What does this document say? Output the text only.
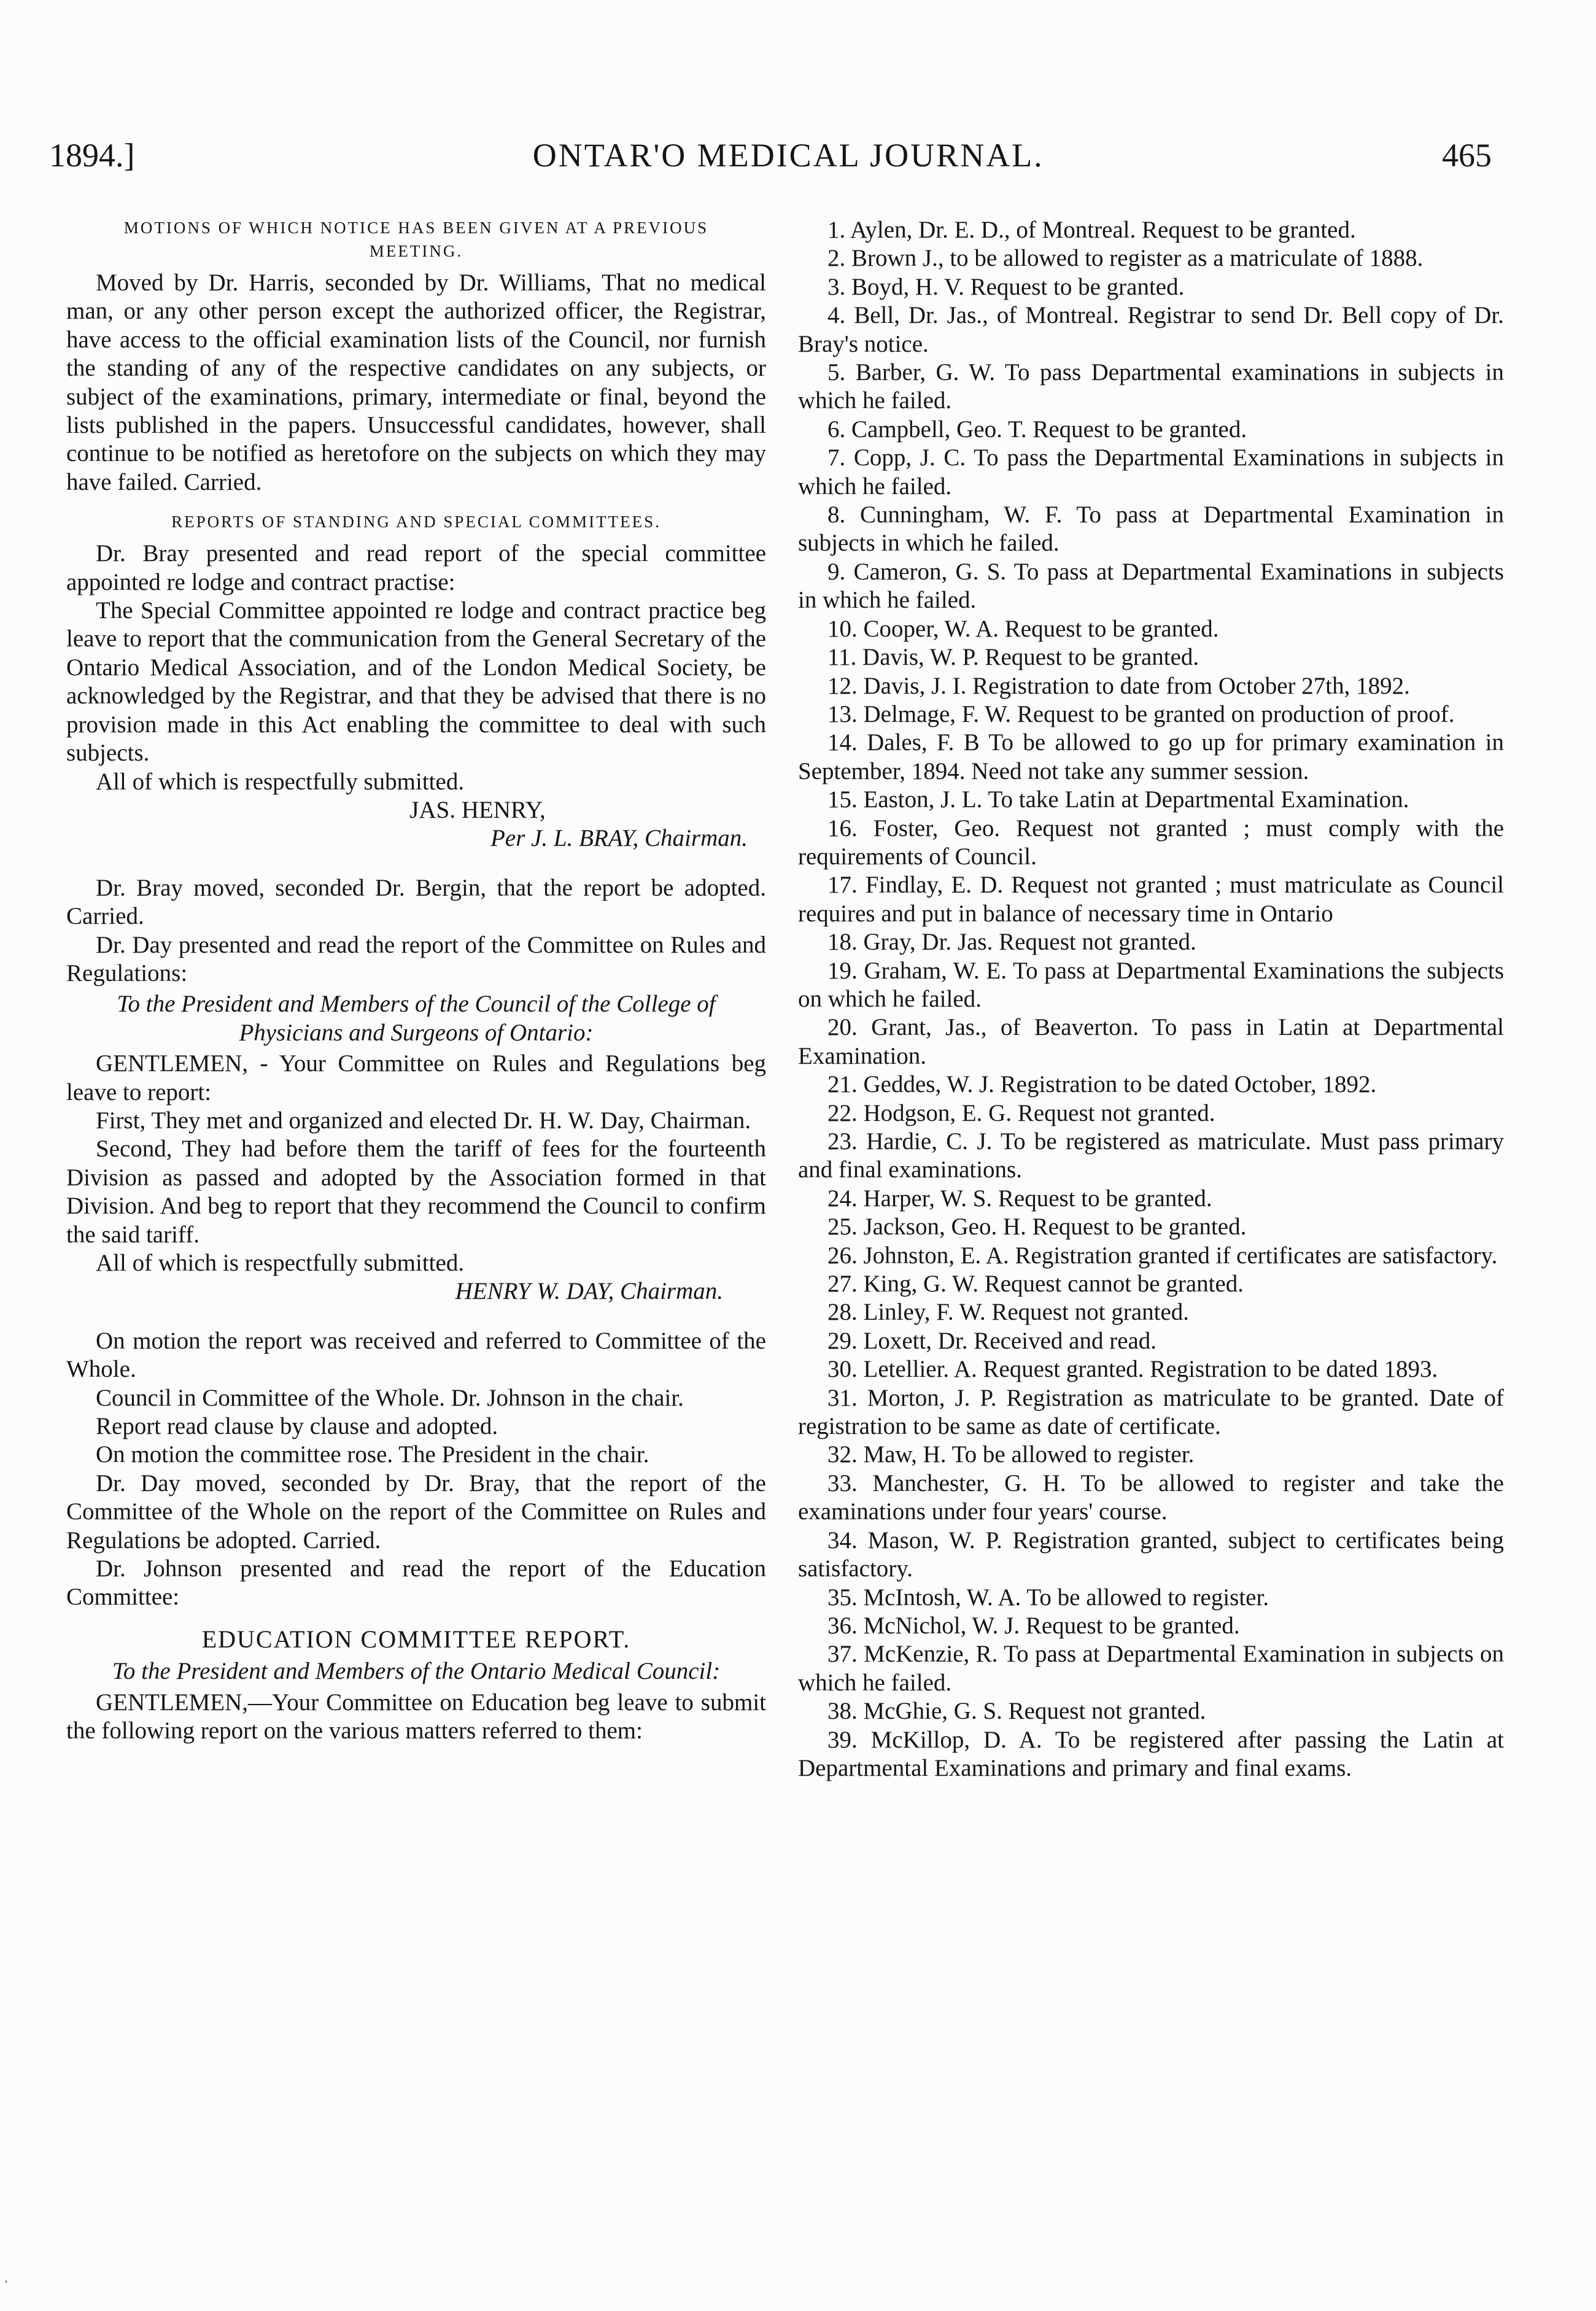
1894.]	ONTAR'O MEDICAL JOURNAL.	465

MOTIONS OF WHICH NOTICE HAS BEEN GIVEN AT A PREVIOUS MEETING.

Moved by Dr. Harris, seconded by Dr. Williams, That no medical man, or any other person except the authorized officer, the Registrar, have access to the official examination lists of the Council, nor furnish the standing of any of the respective candidates on any subjects, or subject of the examinations, primary, intermediate or final, beyond the lists published in the papers. Unsuccessful candidates, however, shall continue to be notified as heretofore on the subjects on which they may have failed. Carried.

REPORTS OF STANDING AND SPECIAL COMMITTEES.

Dr. Bray presented and read report of the special committee appointed re lodge and contract practise:

The Special Committee appointed re lodge and contract practice beg leave to report that the communication from the General Secretary of the Ontario Medical Association, and of the London Medical Society, be acknowledged by the Registrar, and that they be advised that there is no provision made in this Act enabling the committee to deal with such subjects.

All of which is respectfully submitted.

JAS. HENRY,

Per J. L. BRAY, Chairman.

Dr. Bray moved, seconded Dr. Bergin, that the report be adopted. Carried.

Dr. Day presented and read the report of the Committee on Rules and Regulations:

To the President and Members of the Council of the College of Physicians and Surgeons of Ontario:

GENTLEMEN, - Your Committee on Rules and Regulations beg leave to report:

First, They met and organized and elected Dr. H. W. Day, Chairman.

Second, They had before them the tariff of fees for the fourteenth Division as passed and adopted by the Association formed in that Division. And beg to report that they recommend the Council to confirm the said tariff.

All of which is respectfully submitted.

HENRY W. DAY, Chairman.

On motion the report was received and referred to Committee of the Whole.

Council in Committee of the Whole. Dr. Johnson in the chair.

Report read clause by clause and adopted.

On motion the committee rose. The President in the chair.

Dr. Day moved, seconded by Dr. Bray, that the report of the Committee of the Whole on the report of the Committee on Rules and Regulations be adopted. Carried.

Dr. Johnson presented and read the report of the Education Committee:

EDUCATION COMMITTEE REPORT.

To the President and Members of the Ontario Medical Council:

GENTLEMEN,—Your Committee on Education beg leave to submit the following report on the various matters referred to them:

1. Aylen, Dr. E. D., of Montreal. Request to be granted.

2. Brown J., to be allowed to register as a matriculate of 1888.

3. Boyd, H. V. Request to be granted.

4. Bell, Dr. Jas., of Montreal. Registrar to send Dr. Bell copy of Dr. Bray's notice.

5. Barber, G. W. To pass Departmental examinations in subjects in which he failed.

6. Campbell, Geo. T. Request to be granted.

7. Copp, J. C. To pass the Departmental Examinations in subjects in which he failed.

8. Cunningham, W. F. To pass at Departmental Examination in subjects in which he failed.

9. Cameron, G. S. To pass at Departmental Examinations in subjects in which he failed.

10. Cooper, W. A. Request to be granted.

11. Davis, W. P. Request to be granted.

12. Davis, J. I. Registration to date from October 27th, 1892.

13. Delmage, F. W. Request to be granted on production of proof.

14. Dales, F. B To be allowed to go up for primary examination in September, 1894. Need not take any summer session.

15. Easton, J. L. To take Latin at Departmental Examination.

16. Foster, Geo. Request not granted ; must comply with the requirements of Council.

17. Findlay, E. D. Request not granted ; must matriculate as Council requires and put in balance of necessary time in Ontario

18. Gray, Dr. Jas. Request not granted.

19. Graham, W. E. To pass at Departmental Examinations the subjects on which he failed.

20. Grant, Jas., of Beaverton. To pass in Latin at Departmental Examination.

21. Geddes, W. J. Registration to be dated October, 1892.

22. Hodgson, E. G. Request not granted.

23. Hardie, C. J. To be registered as matriculate. Must pass primary and final examinations.

24. Harper, W. S. Request to be granted.

25. Jackson, Geo. H. Request to be granted.

26. Johnston, E. A. Registration granted if certificates are satisfactory.

27. King, G. W. Request cannot be granted.

28. Linley, F. W. Request not granted.

29. Loxett, Dr. Received and read.

30. Letellier. A. Request granted. Registration to be dated 1893.

31. Morton, J. P. Registration as matriculate to be granted. Date of registration to be same as date of certificate.

32. Maw, H. To be allowed to register.

33. Manchester, G. H. To be allowed to register and take the examinations under four years' course.

34. Mason, W. P. Registration granted, subject to certificates being satisfactory.

35. McIntosh, W. A. To be allowed to register.

36. McNichol, W. J. Request to be granted.

37. McKenzie, R. To pass at Departmental Examination in subjects on which he failed.

38. McGhie, G. S. Request not granted.

39. McKillop, D. A. To be registered after passing the Latin at Departmental Examinations and primary and final exams.

·
